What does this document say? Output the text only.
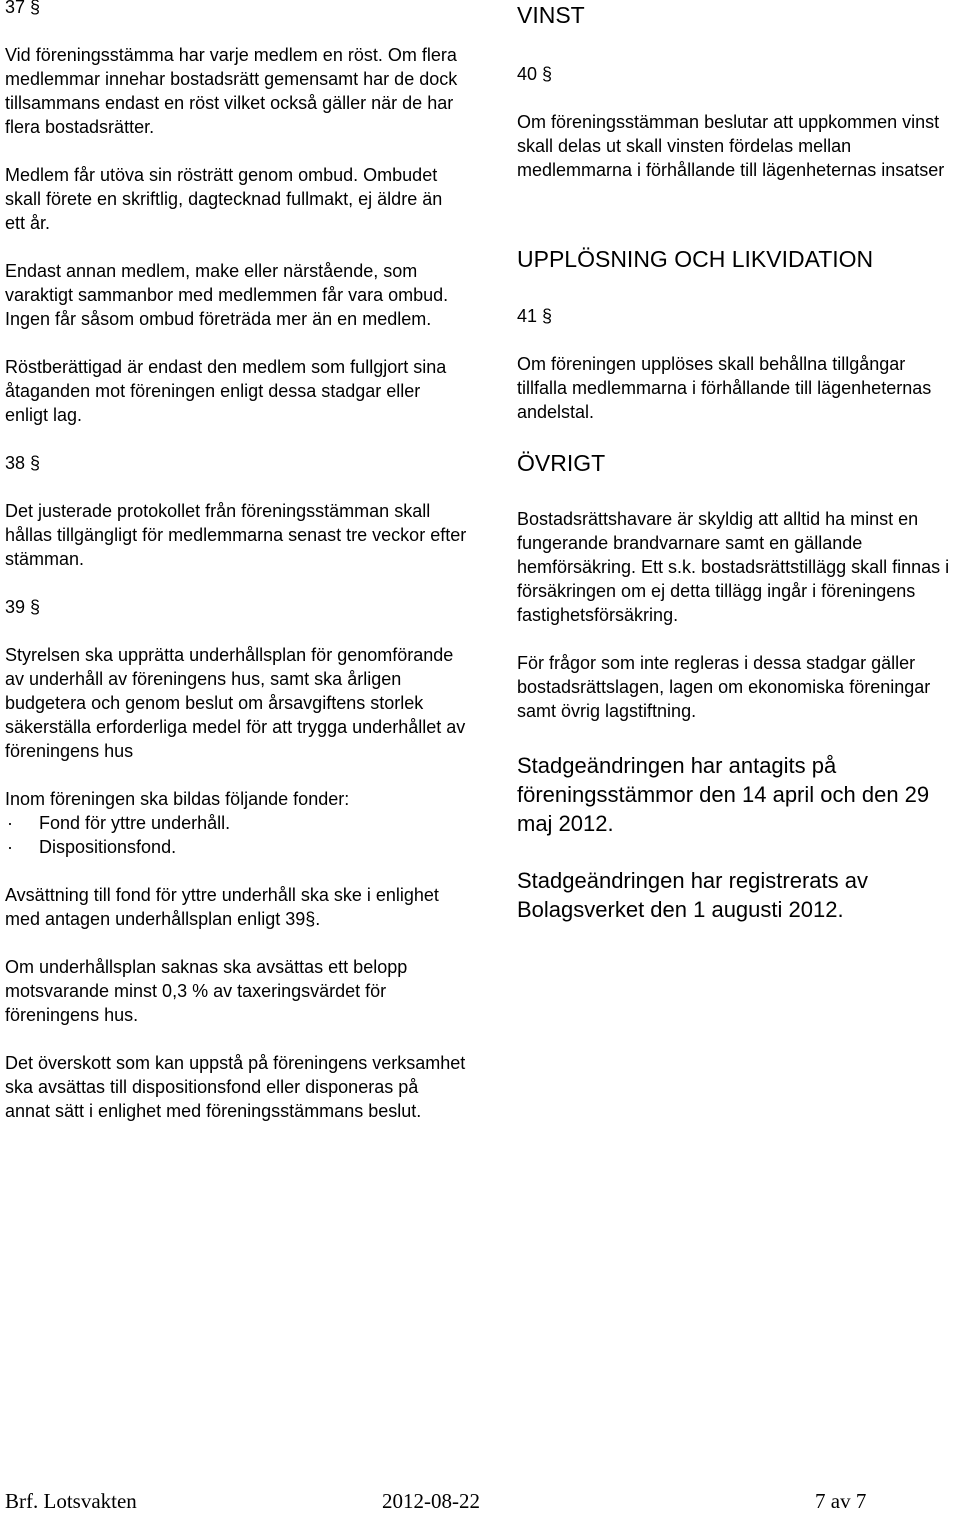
37 §

Vid föreningsstämma har varje medlem en röst. Om flera medlemmar innehar bostadsrätt gemensamt har de dock tillsammans endast en röst vilket också gäller när de har flera bostadsrätter.

Medlem får utöva sin rösträtt genom ombud. Ombudet skall förete en skriftlig, dagtecknad fullmakt, ej äldre än ett år.

Endast annan medlem, make eller närstående, som varaktigt sammanbor med medlemmen får vara ombud. Ingen får såsom ombud företräda mer än en medlem.

Röstberättigad är endast den medlem som fullgjort sina åtaganden mot föreningen enligt dessa stadgar eller enligt lag.

38 §

Det justerade protokollet från föreningsstämman skall hållas tillgängligt för medlemmarna senast tre veckor efter stämman.

39 §

Styrelsen ska upprätta underhållsplan för genomförande av underhåll av föreningens hus, samt ska årligen budgetera och genom beslut om årsavgiftens storlek säkerställa erforderliga medel för att trygga underhållet av föreningens hus

Inom föreningen ska bildas följande fonder:

·	Fond för yttre underhåll.

·	Dispositionsfond.

Avsättning till fond för yttre underhåll ska ske i enlighet med antagen underhållsplan enligt 39§.

Om underhållsplan saknas ska avsättas ett belopp motsvarande minst 0,3 % av taxeringsvärdet för föreningens hus.

Det överskott som kan uppstå på föreningens verksamhet ska avsättas till dispositionsfond eller disponeras på annat sätt i enlighet med föreningsstämmans beslut.

VINST

40 §

Om föreningsstämman beslutar att uppkommen vinst skall delas ut skall vinsten fördelas mellan medlemmarna i förhållande till lägenheternas insatser

UPPLÖSNING OCH LIKVIDATION

41 §

Om föreningen upplöses skall behållna tillgångar tillfalla medlemmarna i förhållande till lägenheternas andelstal.

ÖVRIGT

Bostadsrättshavare är skyldig att alltid ha minst en fungerande brandvarnare samt en gällande hemförsäkring. Ett s.k. bostadsrättstillägg skall finnas i försäkringen om ej detta tillägg ingår i föreningens fastighetsförsäkring.

För frågor som inte regleras i dessa stadgar gäller bostadsrättslagen, lagen om ekonomiska föreningar samt övrig lagstiftning.

Stadgeändringen har antagits på föreningsstämmor den 14 april och den 29 maj 2012.

Stadgeändringen har registrerats av Bolagsverket den 1 augusti 2012.

Brf. Lotsvakten	2012-08-22	7 av 7
